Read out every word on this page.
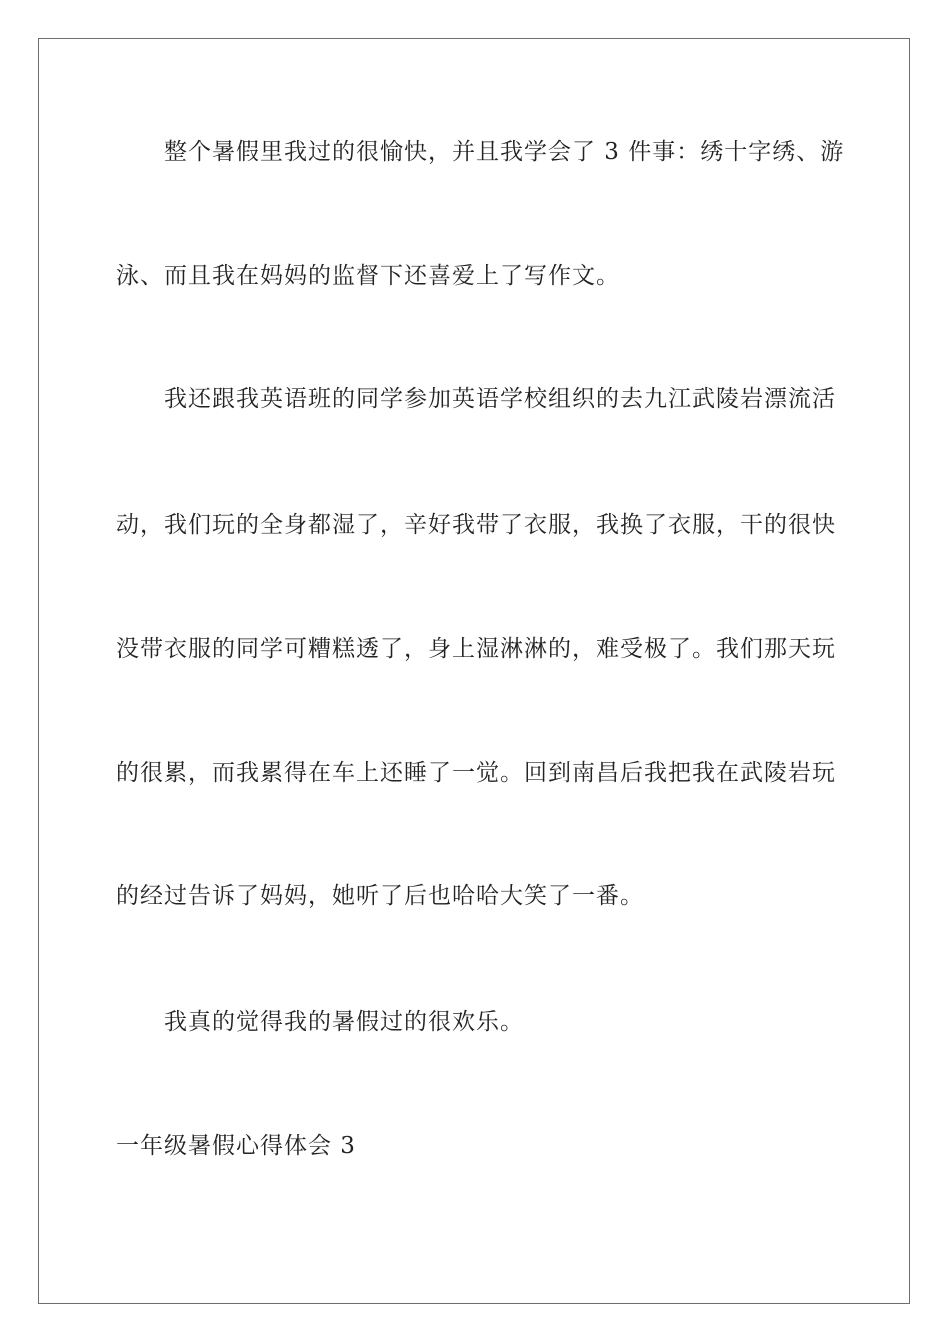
整个暑假里我过的很愉快，并且我学会了 3 件事：绣十字绣、游
泳、而且我在妈妈的监督下还喜爱上了写作文。
我还跟我英语班的同学参加英语学校组织的去九江武陵岩漂流活
动，我们玩的全身都湿了，辛好我带了衣服，我换了衣服，干的很快
没带衣服的同学可糟糕透了，身上湿淋淋的，难受极了。我们那天玩
的很累，而我累得在车上还睡了一觉。回到南昌后我把我在武陵岩玩
的经过告诉了妈妈，她听了后也哈哈大笑了一番。
我真的觉得我的暑假过的很欢乐。
一年级暑假心得体会 3
